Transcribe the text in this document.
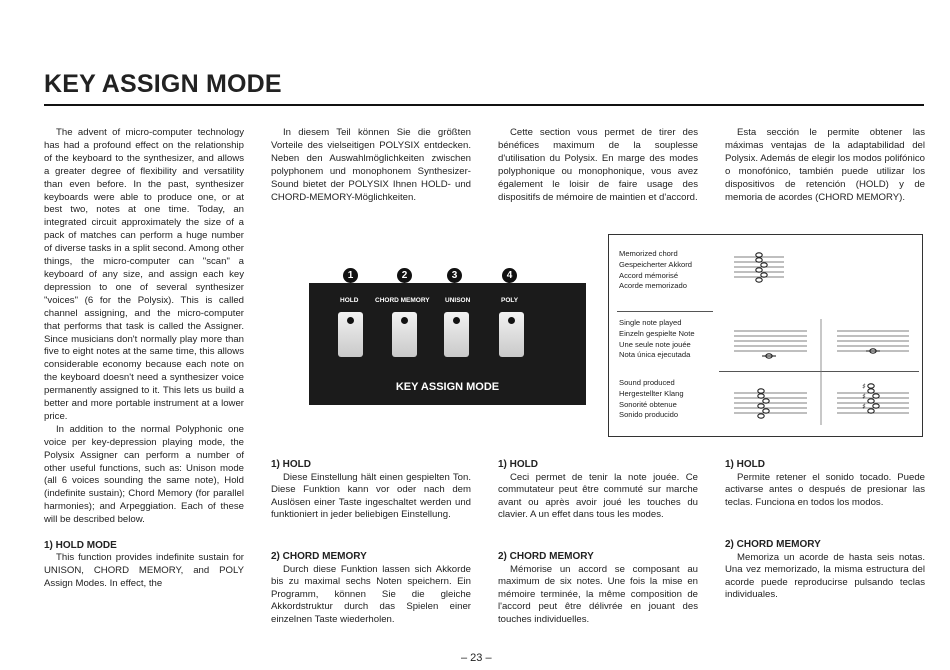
KEY ASSIGN MODE

The advent of micro-computer technology has had a profound effect on the relationship of the keyboard to the synthesizer, and allows a greater degree of flexibility and versatility than even before. In the past, synthesizer keyboards were able to produce one, or at best two, notes at one time. Today, an integrated circuit approximately the size of a pack of matches can perform a huge number of diverse tasks in a split second. Among other things, the micro-computer can "scan" a keyboard of any size, and assign each key depression to one of several synthesizer "voices" (6 for the Polysix). This is called channel assigning, and the micro-computer that performs that task is called the Assigner. Since musicians don't normally play more than five to eight notes at the same time, this allows considerable economy because each note on the keyboard doesn't need a synthesizer voice permanently assigned to it. This lets us build a better and more portable instrument at a lower price.

In addition to the normal Polyphonic one voice per key-depression playing mode, the Polysix Assigner can perform a number of other useful functions, such as: Unison mode (all 6 voices sounding the same note), Hold (indefinite sustain); Chord Memory (for parallel harmonies); and Arpeggiation. Each of these will be described below.

1) HOLD MODE

This function provides indefinite sustain for UNISON, CHORD MEMORY, and POLY Assign Modes. In effect, the

In diesem Teil können Sie die größten Vorteile des vielseitigen POLYSIX entdecken. Neben den Auswahlmöglichkeiten zwischen polyphonem und monophonem Synthesizer-Sound bietet der POLYSIX Ihnen HOLD- und CHORD-MEMORY-Möglichkeiten.

Cette section vous permet de tirer des bénéfices maximum de la souplesse d'utilisation du Polysix. En marge des modes polyphonique ou monophonique, vous avez également le loisir de faire usage des dispositifs de mémoire de maintien et d'accord.

Esta sección le permite obtener las máximas ventajas de la adaptabilidad del Polysix. Además de elegir los modos polifónico o monofónico, también puede utilizar los dispositivos de retención (HOLD) y de memoria de acordes (CHORD MEMORY).

1	2	3	4
HOLD	CHORD MEMORY UNISON	POLY
KEY ASSIGN MODE
Memorized chord
Gespeicherter Akkord
Accord mémorisé
Acorde memorizado
Single note played
Einzeln gespielte Note
Une seule note jouée
Nota única ejecutada
Sound produced
Hergestellter Klang
Sonorité obtenue
Sonido producido
♯
♯
♯
1) HOLD

Diese Einstellung hält einen gespielten Ton. Diese Funktion kann vor oder nach dem Auslösen einer Taste ingeschaltet werden und funktioniert in jeder beliebigen Einstellung.

2) CHORD MEMORY

Durch diese Funktion lassen sich Akkorde bis zu maximal sechs Noten speichern. Ein Programm, können Sie die gleiche Akkordstruktur durch das Spielen einer einzelnen Taste wiederholen.

1) HOLD

Ceci permet de tenir la note jouée. Ce commutateur peut être commuté sur marche avant ou après avoir joué les touches du clavier. A un effet dans tous les modes.

2) CHORD MEMORY

Mémorise un accord se composant au maximum de six notes. Une fois la mise en mémoire terminée, la même composition de l'accord peut être délivrée en jouant des touches individuelles.

1) HOLD

Permite retener el sonido tocado. Puede activarse antes o después de presionar las teclas. Funciona en todos los modos.

2) CHORD MEMORY

Memoriza un acorde de hasta seis notas. Una vez memorizado, la misma estructura del acorde puede reproducirse pulsando teclas individuales.

– 23 –
